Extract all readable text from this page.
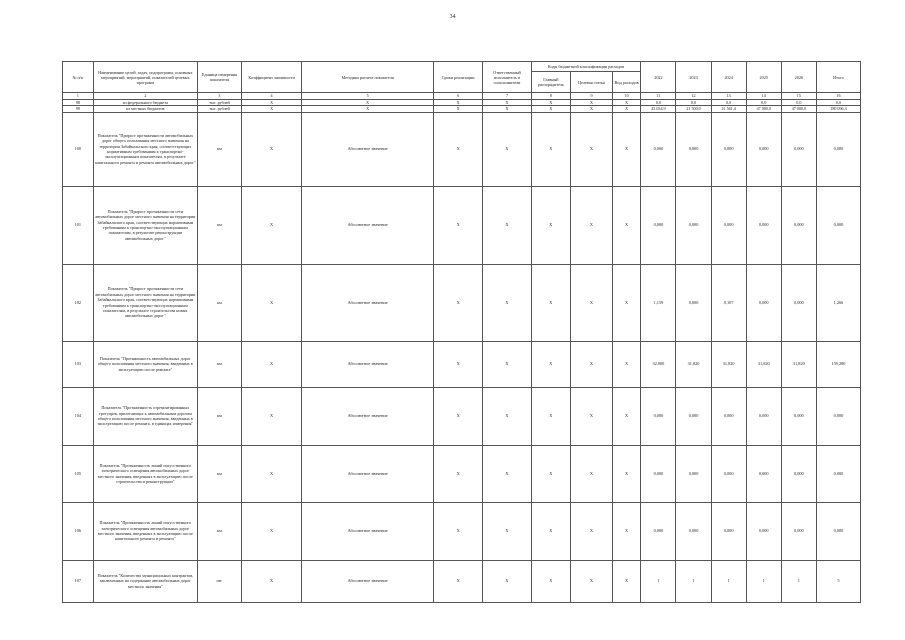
34
№ п/п	Наименование целей, задач, подпрограмм, основных мероприятий, мероприятий, показателей целевых программ	Единица измерения показателя	Коэффициент значимости	Методика расчета показателя	Сроки реализации	Ответственный исполнитель и соисполнители	Коды бюджетной классификации расходов			2022	2023	2024	2025	2026	Итого
							Главный распорядитель	Целевая статья	Вид расходов						
1	2	3	4	5	6	7	8	9	10	11	12	13	14	15	16
98	из федерального бюджета	тыс. рублей	X	X	X	X	X	X	X	0,0	0,0	0,0	0,0	0,0	0,0
99	из местных бюджетов	тыс. рублей	X	X	X	X	X	X	X	43 034,9	21 500,0	21 561,4	47 000,0	47 000,0	180 096,3
100	Показатель "Прирост протяженности автомобильных дорог общего пользования местного значения на территории Забайкальского края, соответствующих нормативным требованиям к транспортно-эксплуатационным показателям, в результате капитального ремонта и ремонта автомобильных дорог"	км	X	Абсолютное значение	X	X	X	X	X	0,000	0,000	0,000	0,000	0,000	0,000
101	Показатель "Прирост протяженности сети автомобильных дорог местного значения на территории Забайкальского края, соответствующих нормативным требованиям к транспортно-эксплуатационным показателям, в результате реконструкции автомобильных дорог"	км	X	Абсолютное значение	X	X	X	X	X	0,000	0,000	0,000	0,000	0,000	0,000
102	Показатель "Прирост протяженности сети автомобильных дорог местного значения на территории Забайкальского края, соответствующих нормативным требованиям к транспортно-эксплуатационным показателям, в результате строительства новых автомобильных дорог"	км	X	Абсолютное значение	X	X	X	X	X	1,159	0,000	0,107	0,000	0,000	1,266
103	Показатель "Протяженность автомобильных дорог общего пользования местного значения, введенных в эксплуатацию после ремонта"	км	X	Абсолютное значение	X	X	X	X	X	32,000	31,820	31,820	31,820	31,820	159,280
104	Показатель "Протяженность отремонтированных тротуаров, прилегающих к автомобильным дорогам общего пользования местного значения, введенных в эксплуатацию после ремонта, в единицах измерения"	км	X	Абсолютное значение	X	X	X	X	X	0,000	0,000	0,000	0,000	0,000	0,000
105	Показатель "Протяженность линий искусственного электрического освещения автомобильных дорог местного значения, введенных в эксплуатацию после строительства и реконструкции"	км	X	Абсолютное значение	X	X	X	X	X	0,000	0,000	0,000	0,000	0,000	0,000
106	Показатель "Протяженность линий искусственного электрического освещения автомобильных дорог местного значения, введенных в эксплуатацию после капитального ремонта и ремонта"	км	X	Абсолютное значение	X	X	X	X	X	0,000	0,000	0,000	0,000	0,000	0,000
107	Показатель "Количество муниципальных контрактов, заключенных на содержание автомобильных дорог местного значения"	шт.	X	Абсолютное значение	X	X	X	X	X	1	1	1	1	1	5
